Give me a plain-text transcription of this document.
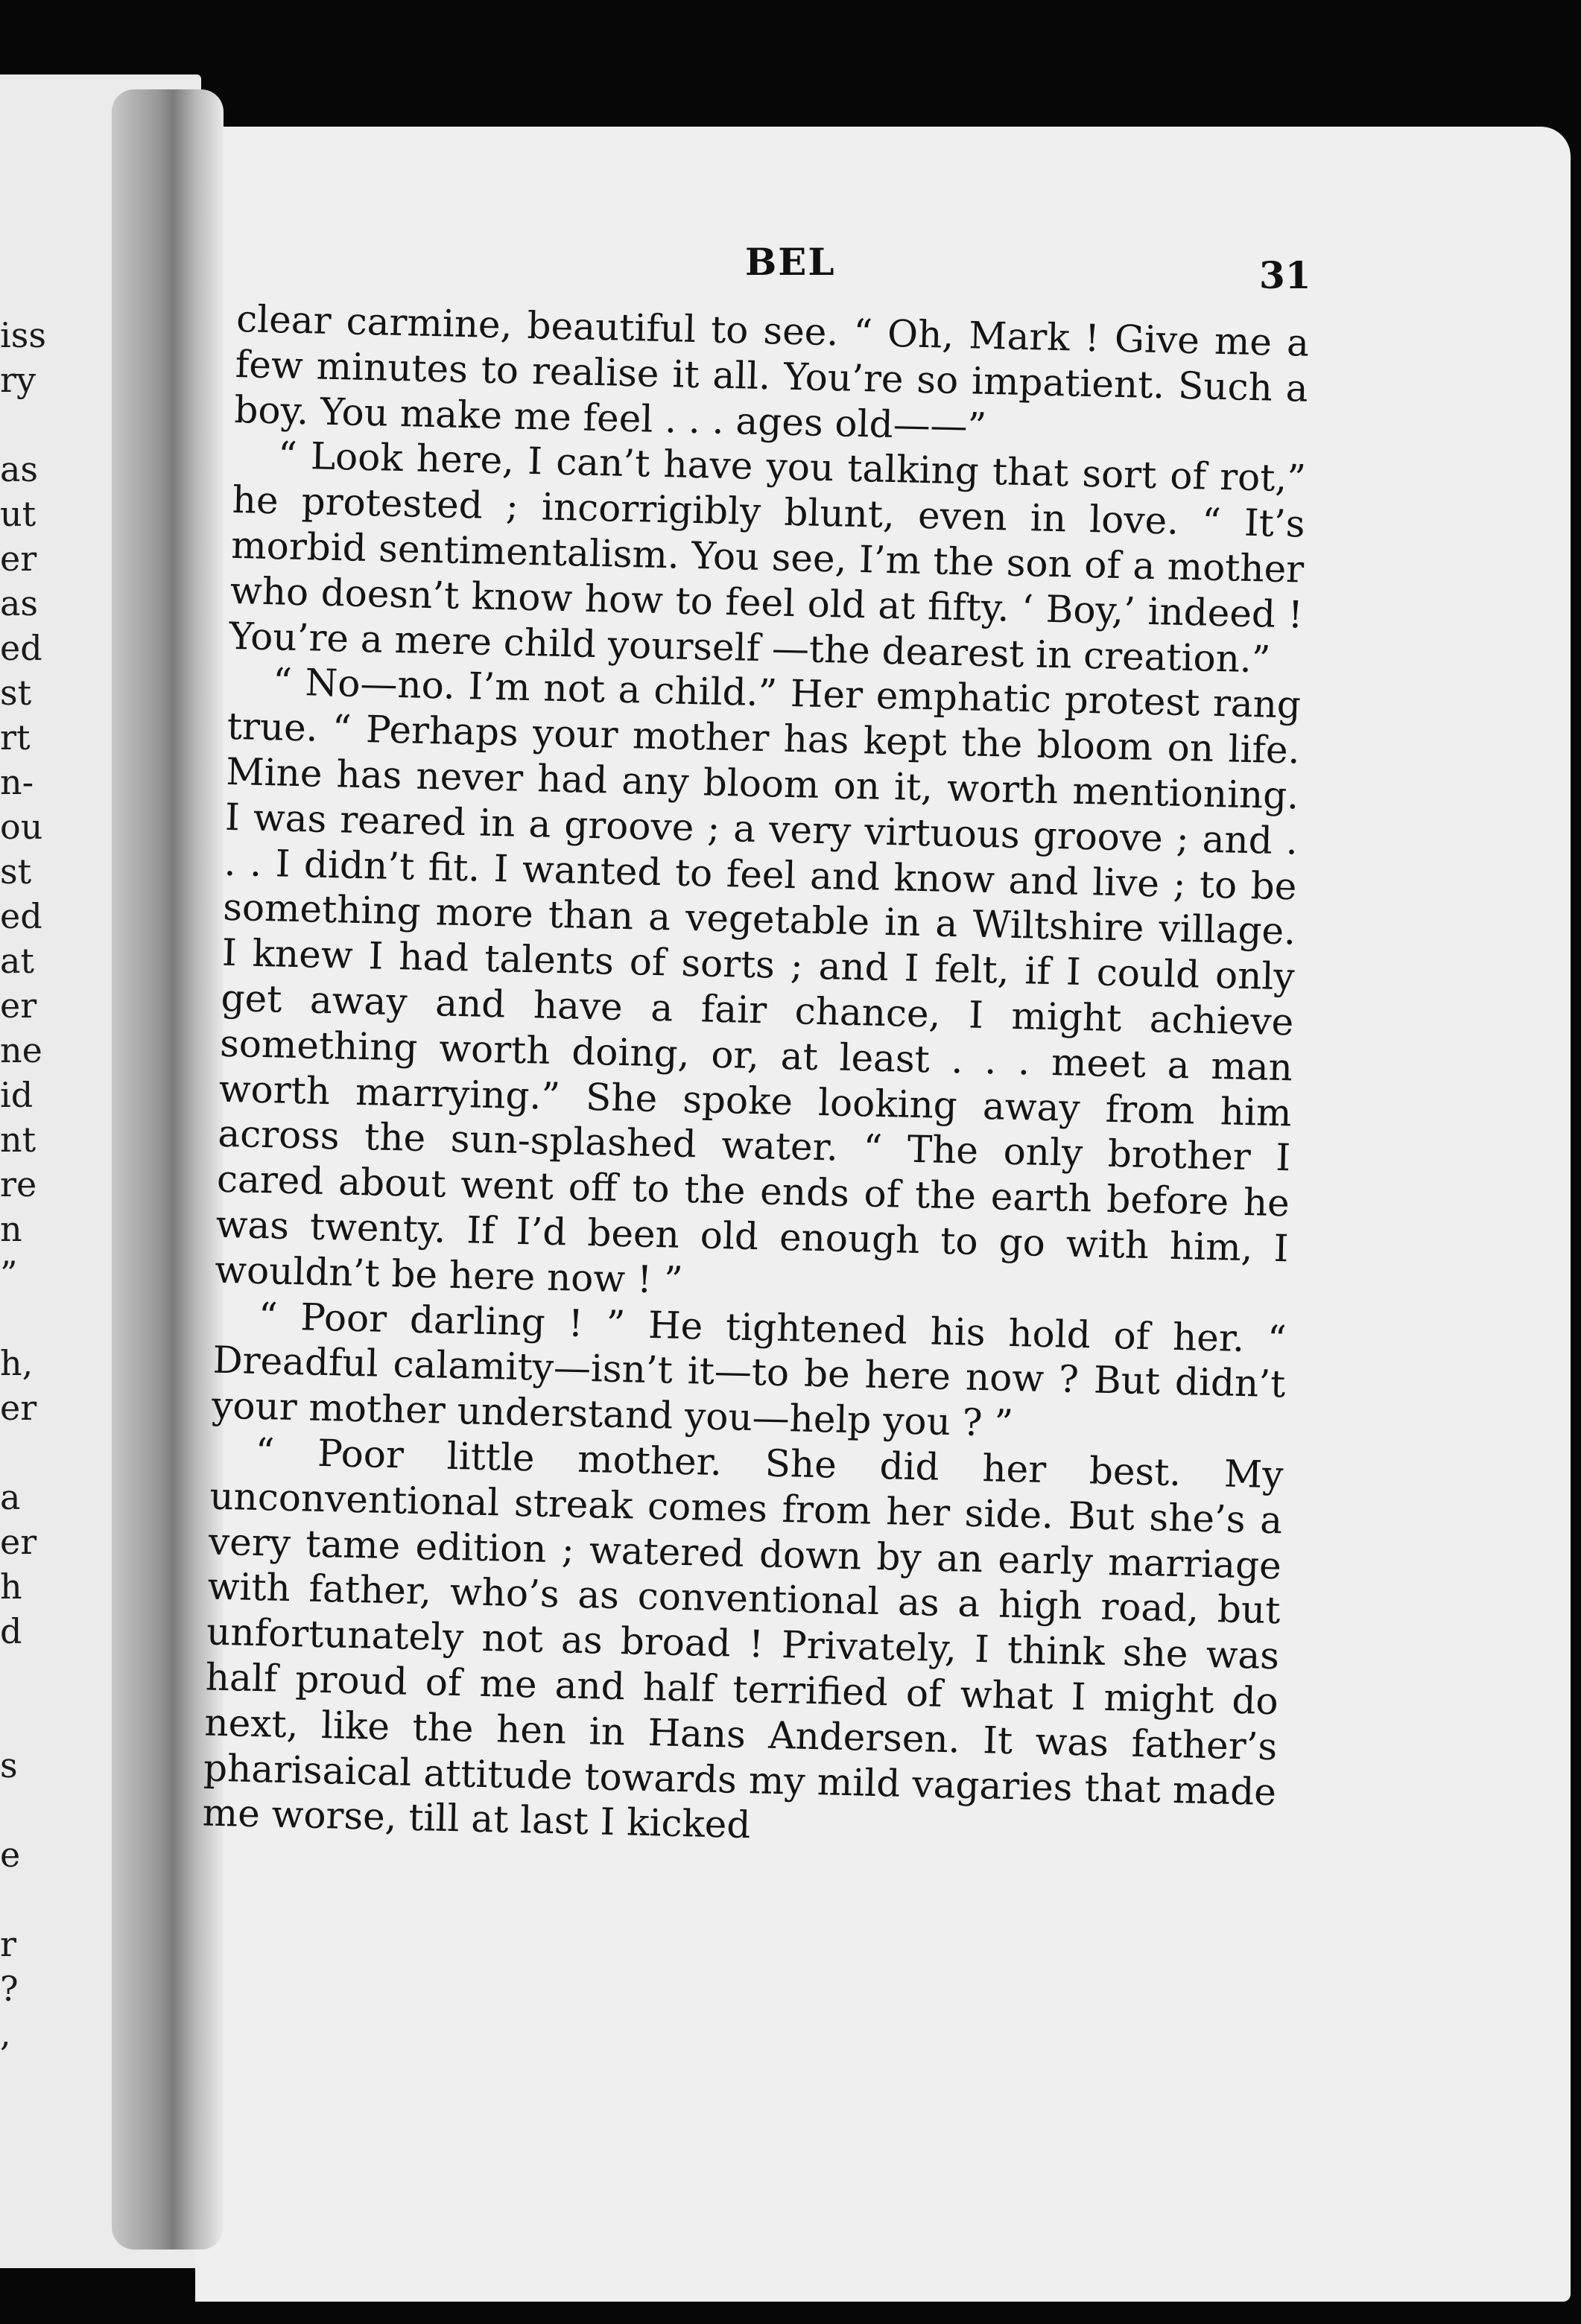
iss
ry
as
ut
er
as
ed
st
rt
n-
ou
st
ed
at
er
ne
id
nt
re
n
”
h,
er
a
er
h
d
s
e
r
?
,
BEL	31

clear carmine, beautiful to see. “ Oh, Mark ! Give me a few minutes to realise it all. You’re so impatient. Such a boy. You make me feel . . . ages old——”

“ Look here, I can’t have you talking that sort of rot,” he protested ; incorrigibly blunt, even in love. “ It’s morbid sentimentalism. You see, I’m the son of a mother who doesn’t know how to feel old at fifty. ‘ Boy,’ indeed ! You’re a mere child yourself —the dearest in creation.”

“ No—no. I’m not a child.” Her emphatic protest rang true. “ Perhaps your mother has kept the bloom on life. Mine has never had any bloom on it, worth mentioning. I was reared in a groove ; a very virtuous groove ; and . . . I didn’t fit. I wanted to feel and know and live ; to be something more than a vegetable in a Wiltshire village. I knew I had talents of sorts ; and I felt, if I could only get away and have a fair chance, I might achieve something worth doing, or, at least . . . meet a man worth marrying.” She spoke looking away from him across the sun-splashed water. “ The only brother I cared about went off to the ends of the earth before he was twenty. If I’d been old enough to go with him, I wouldn’t be here now ! ”

“ Poor darling ! ” He tightened his hold of her. “ Dreadful calamity—isn’t it—to be here now ? But didn’t your mother understand you—help you ? ”

“ Poor little mother. She did her best. My unconventional streak comes from her side. But she’s a very tame edition ; watered down by an early marriage with father, who’s as conventional as a high road, but unfortunately not as broad ! Privately, I think she was half proud of me and half terrified of what I might do next, like the hen in Hans Andersen. It was father’s pharisaical attitude towards my mild vagaries that made me worse, till at last I kicked
